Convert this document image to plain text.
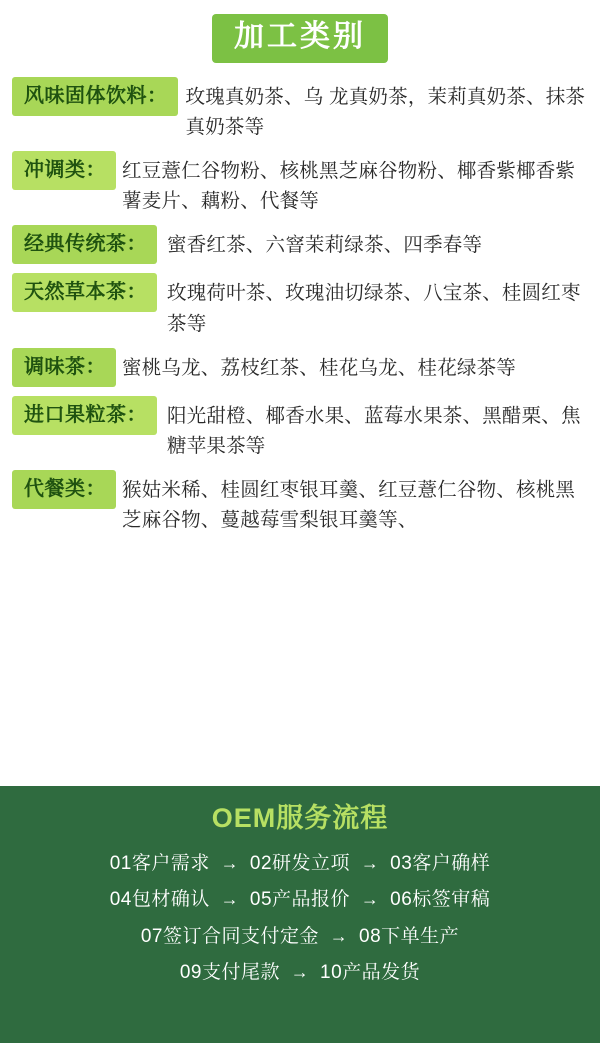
加工类别
风味固体饮料： 玫瑰真奶茶、乌 龙真奶茶，茉莉真奶茶、抹茶真奶茶等
冲调类： 红豆薏仁谷物粉、核桃黑芝麻谷物粉、椰香紫椰香紫薯麦片、藕粉、代餐等
经典传统茶：	蜜香红茶、六窨茉莉绿茶、四季春等
天然草本茶：	玫瑰荷叶茶、玫瑰油切绿茶、八宝茶、桂圆红枣茶等
调味茶： 蜜桃乌龙、荔枝红茶、桂花乌龙、桂花绿茶等
进口果粒茶：	阳光甜橙、椰香水果、蓝莓水果茶、黑醋栗、焦糖苹果茶等
代餐类： 猴姑米稀、桂圆红枣银耳羹、红豆薏仁谷物、核桃黑芝麻谷物、蔓越莓雪梨银耳羹等、
OEM服务流程
01客户需求 → 02研发立项 → 03客户确样
04包材确认 → 05产品报价 → 06标签审稿
07签订合同支付定金 → 08下单生产
09支付尾款 → 10产品发货
